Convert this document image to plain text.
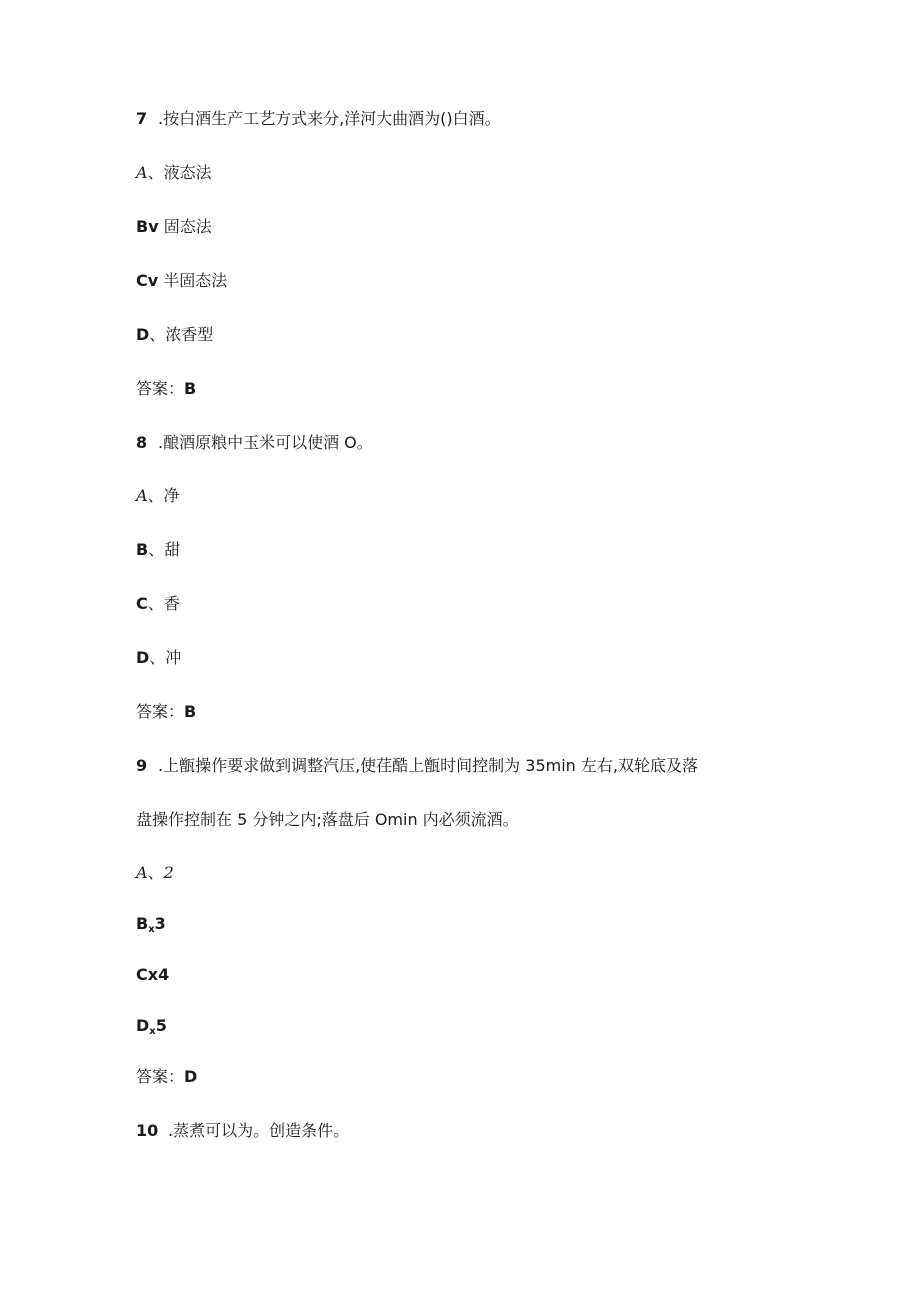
7 .按白酒生产工艺方式来分,洋河大曲酒为()白酒。
A、液态法
Bv 固态法
Cv 半固态法
D、浓香型
答案：B
8 .酿酒原粮中玉米可以使酒 O。
A、净
B、甜
C、香
D、冲
答案：B
9 .上甑操作要求做到调整汽压,使荏酷上甑时间控制为 35min 左右,双轮底及落
盘操作控制在 5 分钟之内;落盘后 Omin 内必须流酒。
A、2
$B_x3$
Cx4
$D_x5$
答案：D
10 .蒸煮可以为。创造条件。
